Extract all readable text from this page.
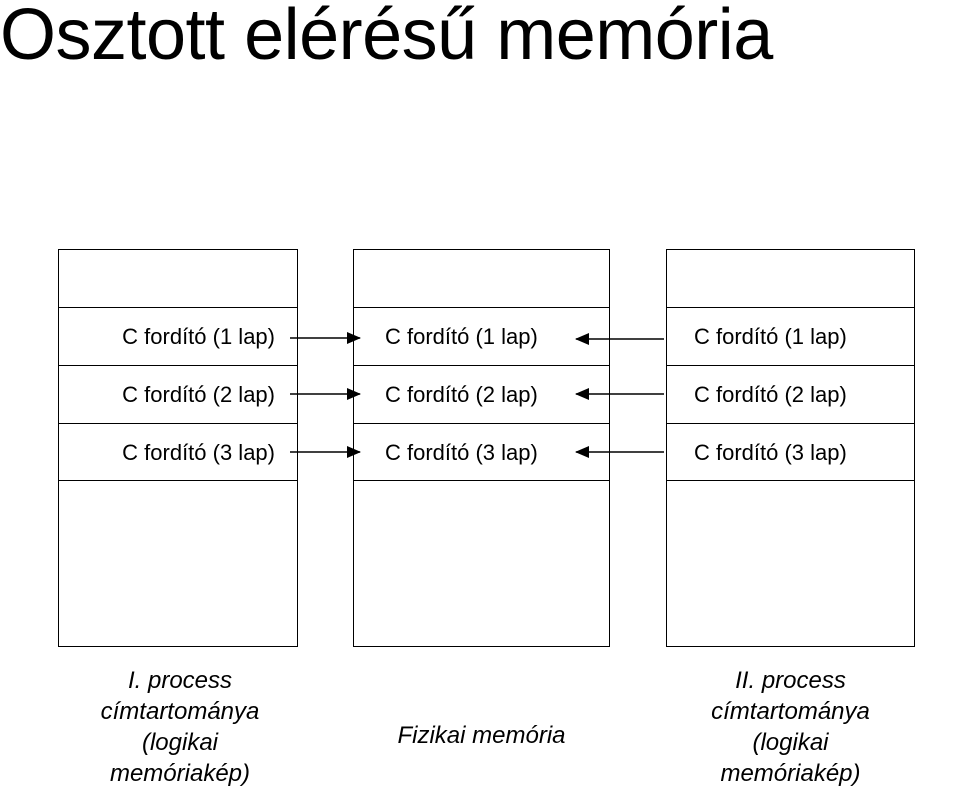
Osztott elérésű memória
C fordító (1 lap)
C fordító (2 lap)
C fordító (3 lap)
C fordító (1 lap)
C fordító (2 lap)
C fordító (3 lap)
C fordító (1 lap)
C fordító (2 lap)
C fordító (3 lap)
I. process
címtartománya
(logikai
memóriakép)
Fizikai memória
II. process
címtartománya
(logikai
memóriakép)
